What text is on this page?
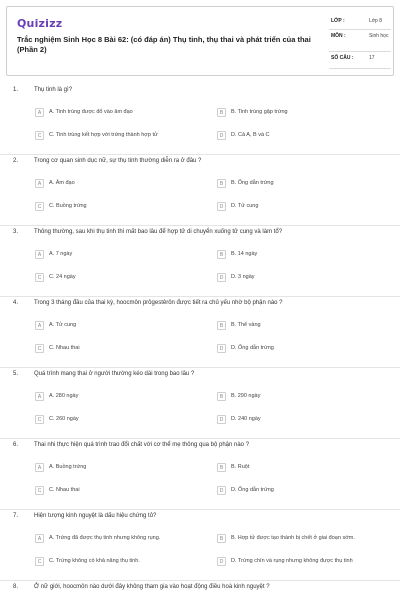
Quizizz
Trắc nghiệm Sinh Học 8 Bài 62: (có đáp án) Thụ tinh, thụ thai và phát triển của thai (Phần 2)
LỚP :	Lớp 8
MÔN :	Sinh học
SỐ CÂU :	17
1.	Thụ tinh là gì?
A	A. Tinh trùng được đổ vào âm đạo	B	B. Tinh trùng gặp trứng
C	C. Tinh trùng kết hợp với trứng thành hợp tử	D	D. Cả A, B và C
2.	Trong cơ quan sinh dục nữ, sự thụ tinh thường diễn ra ở đâu ?
A	A. Âm đạo	B	B. Ống dẫn trứng
C	C. Buồng trứng	D	D. Tử cung
3.	Thông thường, sau khi thụ tinh thì mất bao lâu để hợp tử di chuyển xuống tử cung và làm tổ?
A	A. 7 ngày	B	B. 14 ngày
C	C. 24 ngày	D	D. 3 ngày
4.	Trong 3 tháng đầu của thai kỳ, hoocmôn prôgestêrôn được tiết ra chủ yếu nhờ bộ phận nào ?
A	A. Tử cung	B	B. Thể vàng
C	C. Nhau thai	D	D. Ống dẫn trứng
5.	Quá trình mang thai ở người thường kéo dài trong bao lâu ?
A	A. 280 ngày	B	B. 290 ngày
C	C. 260 ngày	D	D. 240 ngày
6.	Thai nhi thực hiện quá trình trao đổi chất với cơ thể mẹ thông qua bộ phận nào ?
A	A. Buồng trứng	B	B. Ruột
C	C. Nhau thai	D	D. Ống dẫn trứng
7.	Hiện tượng kinh nguyệt là dấu hiệu chứng tỏ?
A	A. Trứng đã được thụ tinh nhưng không rụng.	B	B. Hợp tử được tạo thành bị chết ở giai đoạn sớm.
C	C. Trứng không có khả năng thụ tinh.	D	D. Trứng chín và rụng nhưng không được thụ tinh
8.	Ở nữ giới, hoocmôn nào dưới đây không tham gia vào hoạt động điều hoà kinh nguyệt ?
